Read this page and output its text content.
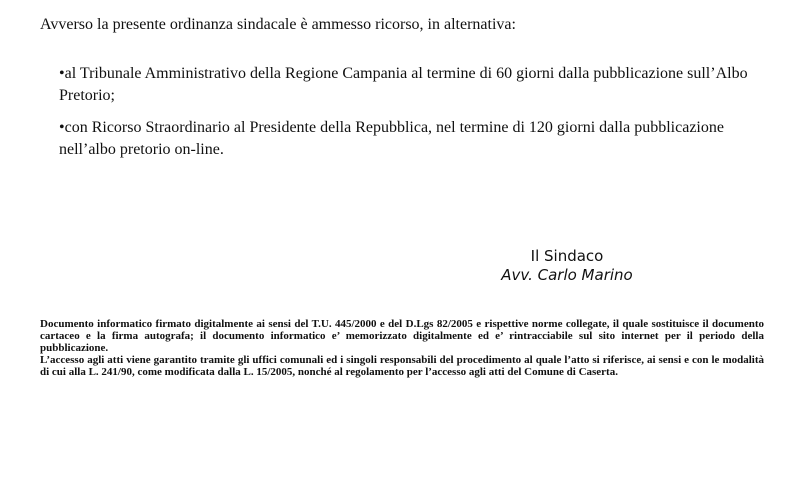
Avverso la presente ordinanza sindacale è ammesso ricorso, in alternativa:

•al Tribunale Amministrativo della Regione Campania al termine di 60 giorni dalla pubblicazione sull’Albo Pretorio;
•con Ricorso Straordinario al Presidente della Repubblica, nel termine di 120 giorni dalla pubblicazione nell’albo pretorio on-line.
Il Sindaco
Avv. Carlo Marino

Documento informatico firmato digitalmente ai sensi del T.U. 445/2000 e del D.Lgs 82/2005 e rispettive norme collegate, il quale sostituisce il documento cartaceo e la firma autografa; il documento informatico e’ memorizzato digitalmente ed e’ rintracciabile sul sito internet per il periodo della pubblicazione.

L’accesso agli atti viene garantito tramite gli uffici comunali ed i singoli responsabili del procedimento al quale l’atto si riferisce, ai sensi e con le modalità di cui alla L. 241/90, come modificata dalla L. 15/2005, nonché al regolamento per l’accesso agli atti del Comune di Caserta.
